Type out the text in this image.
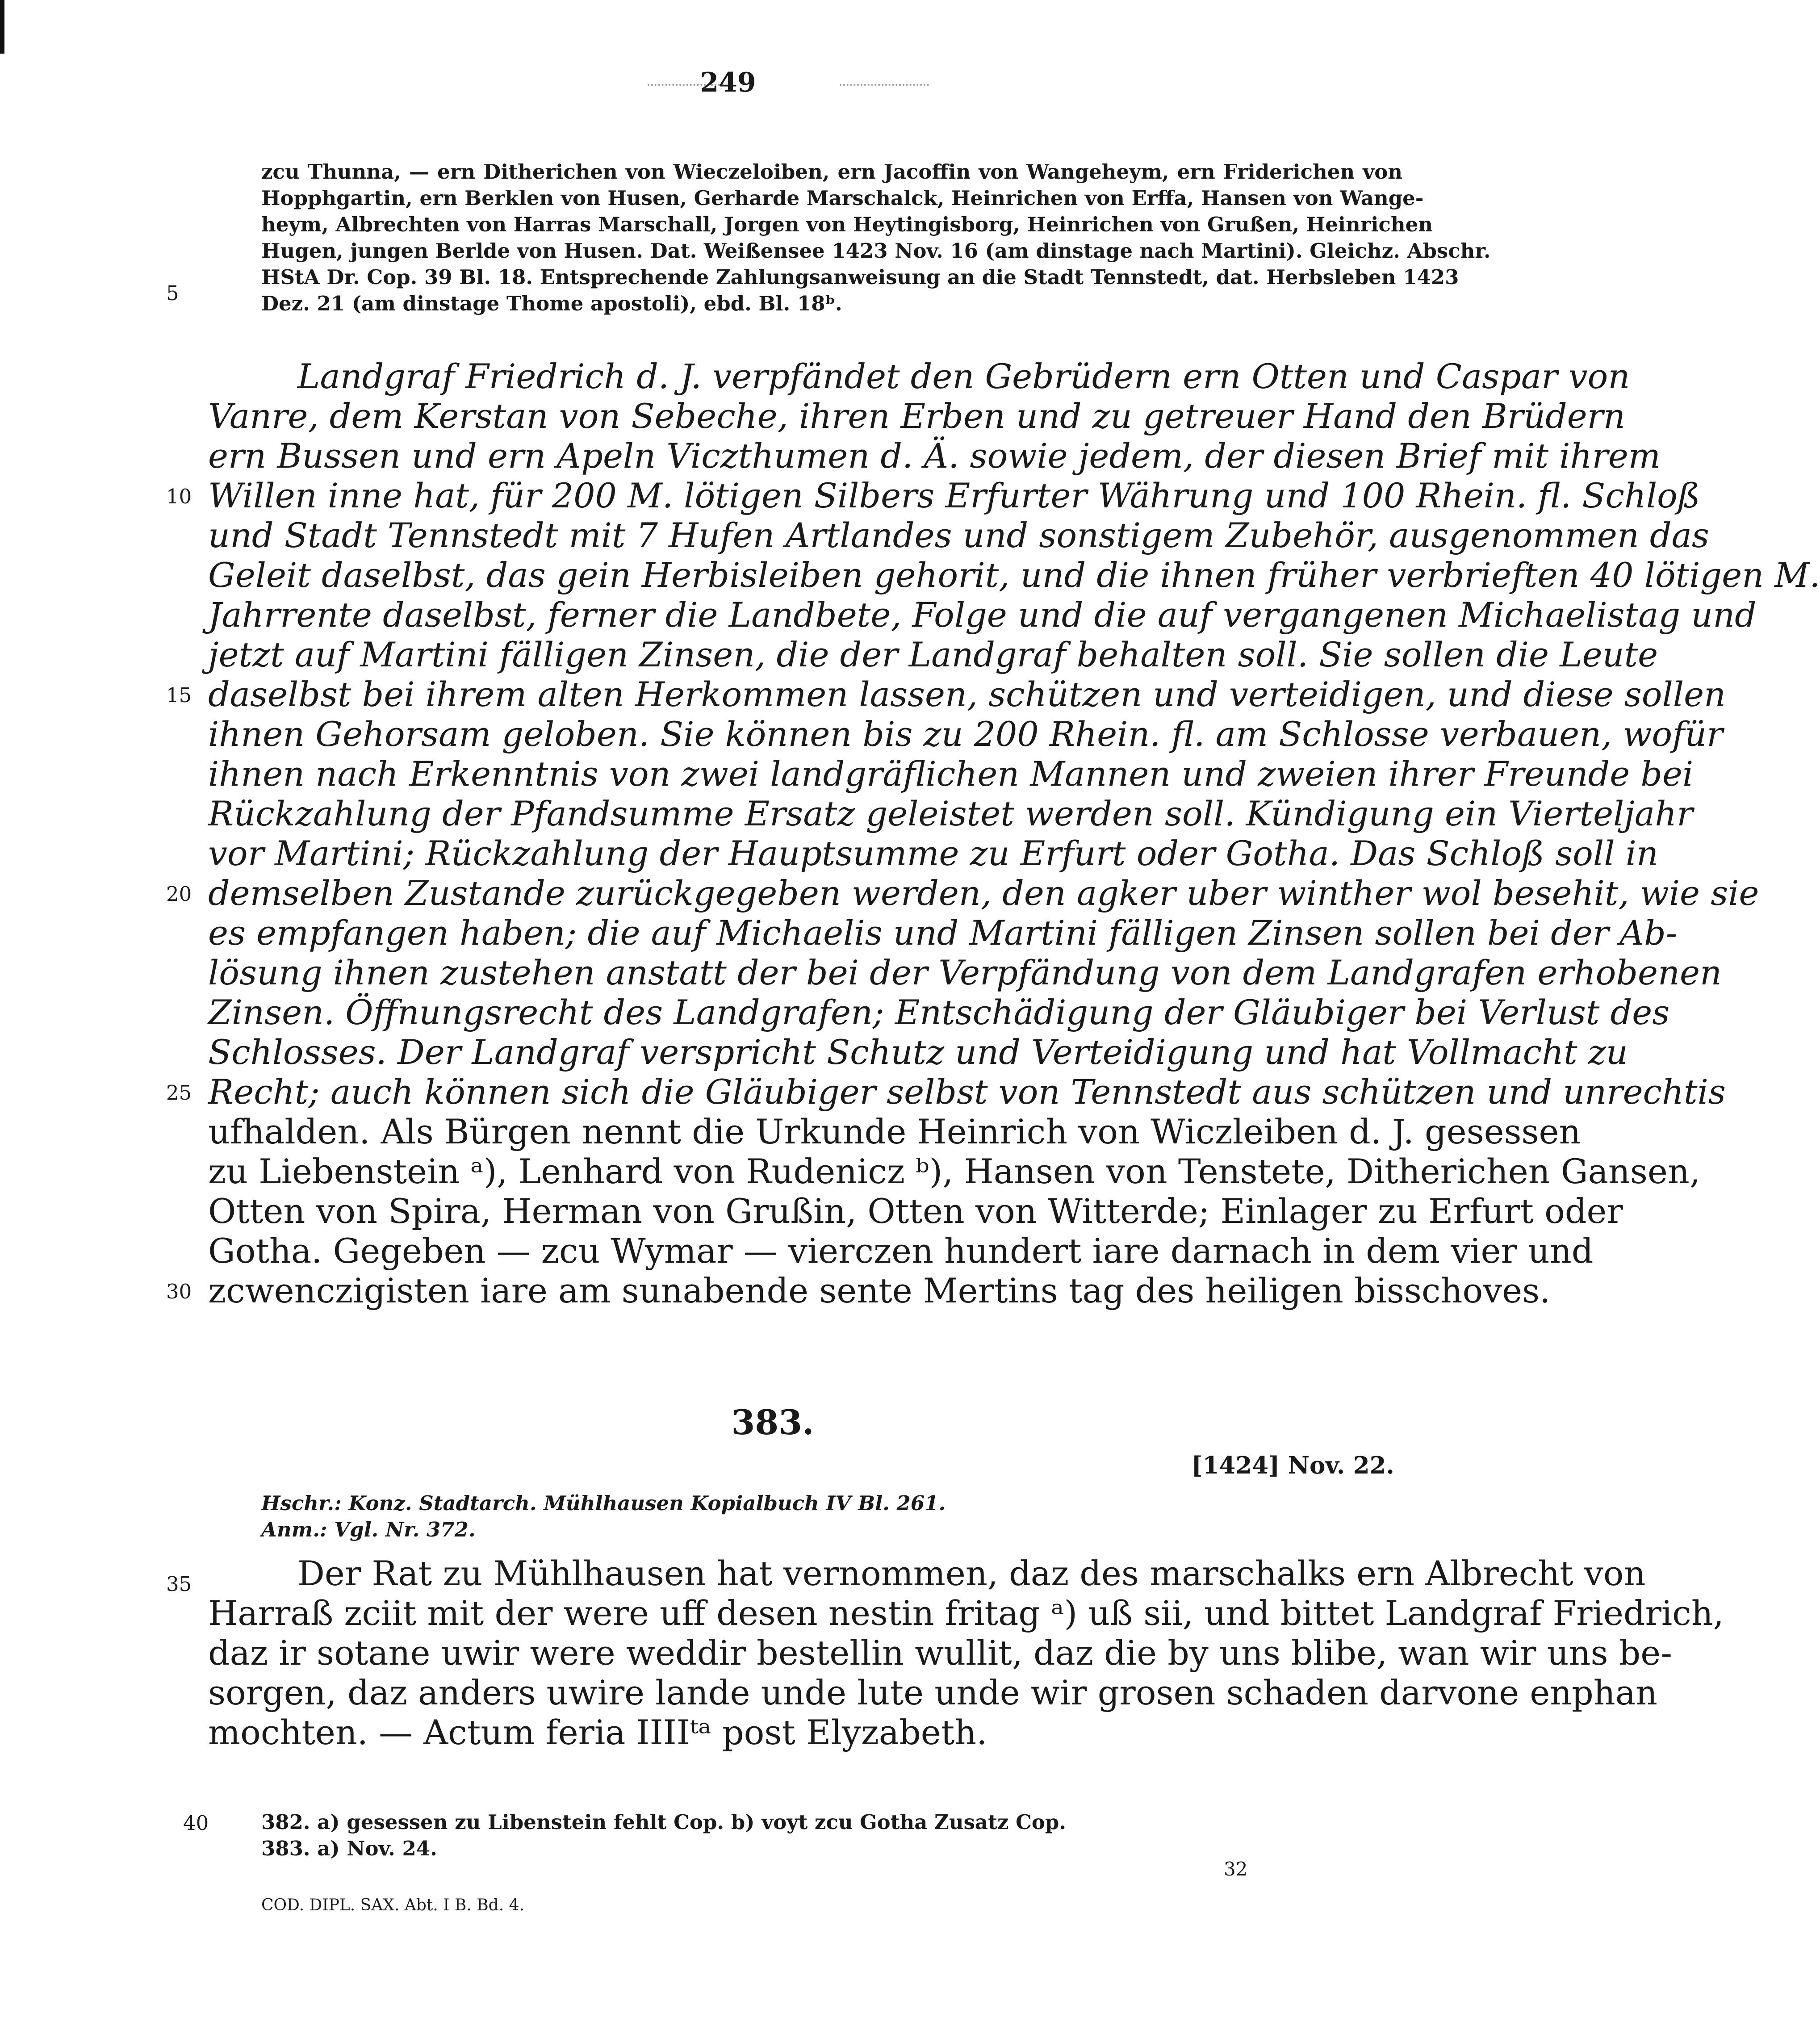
249
zcu Thunna, — ern Ditherichen von Wieczeloiben, ern Jacoffin von Wangeheym, ern Friderichen von
Hopphgartin, ern Berklen von Husen, Gerharde Marschalck, Heinrichen von Erffa, Hansen von Wange-
heym, Albrechten von Harras Marschall, Jorgen von Heytingisborg, Heinrichen von Grußen, Heinrichen
Hugen, jungen Berlde von Husen. Dat. Weißensee 1423 Nov. 16 (am dinstage nach Martini). Gleichz. Abschr.
HStA Dr. Cop. 39 Bl. 18. Entsprechende Zahlungsanweisung an die Stadt Tennstedt, dat. Herbsleben 1423
Dez. 21 (am dinstage Thome apostoli), ebd. Bl. 18ᵇ.
5
Landgraf Friedrich d. J. verpfändet den Gebrüdern ern Otten und Caspar von
Vanre, dem Kerstan von Sebeche, ihren Erben und zu getreuer Hand den Brüdern
ern Bussen und ern Apeln Viczthumen d. Ä. sowie jedem, der diesen Brief mit ihrem
Willen inne hat, für 200 M. lötigen Silbers Erfurter Währung und 100 Rhein. fl. Schloß
und Stadt Tennstedt mit 7 Hufen Artlandes und sonstigem Zubehör, ausgenommen das
Geleit daselbst, das gein Herbisleiben gehorit, und die ihnen früher verbrieften 40 lötigen M.
Jahrrente daselbst, ferner die Landbete, Folge und die auf vergangenen Michaelistag und
jetzt auf Martini fälligen Zinsen, die der Landgraf behalten soll. Sie sollen die Leute
daselbst bei ihrem alten Herkommen lassen, schützen und verteidigen, und diese sollen
ihnen Gehorsam geloben. Sie können bis zu 200 Rhein. fl. am Schlosse verbauen, wofür
ihnen nach Erkenntnis von zwei landgräflichen Mannen und zweien ihrer Freunde bei
Rückzahlung der Pfandsumme Ersatz geleistet werden soll. Kündigung ein Vierteljahr
vor Martini; Rückzahlung der Hauptsumme zu Erfurt oder Gotha. Das Schloß soll in
demselben Zustande zurückgegeben werden, den agker uber winther wol besehit, wie sie
es empfangen haben; die auf Michaelis und Martini fälligen Zinsen sollen bei der Ab-
lösung ihnen zustehen anstatt der bei der Verpfändung von dem Landgrafen erhobenen
Zinsen. Öffnungsrecht des Landgrafen; Entschädigung der Gläubiger bei Verlust des
Schlosses. Der Landgraf verspricht Schutz und Verteidigung und hat Vollmacht zu
Recht; auch können sich die Gläubiger selbst von Tennstedt aus schützen und unrechtis
ufhalden. Als Bürgen nennt die Urkunde Heinrich von Wiczleiben d. J. gesessen
zu Liebenstein ᵃ), Lenhard von Rudenicz ᵇ), Hansen von Tenstete, Ditherichen Gansen,
Otten von Spira, Herman von Grußin, Otten von Witterde; Einlager zu Erfurt oder
Gotha. Gegeben — zcu Wymar — vierczen hundert iare darnach in dem vier und
zcwenczigisten iare am sunabende sente Mertins tag des heiligen bisschoves.
10
15
20
25
30
383.
[1424] Nov. 22.
Hschr.: Konz. Stadtarch. Mühlhausen Kopialbuch IV Bl. 261.
Anm.: Vgl. Nr. 372.
Der Rat zu Mühlhausen hat vernommen, daz des marschalks ern Albrecht von
Harraß zciit mit der were uff desen nestin fritag ᵃ) uß sii, und bittet Landgraf Friedrich,
daz ir sotane uwir were weddir bestellin wullit, daz die by uns blibe, wan wir uns be-
sorgen, daz anders uwire lande unde lute unde wir grosen schaden darvone enphan
mochten. — Actum feria IIIIᵗᵃ post Elyzabeth.
35
40	382. a) gesessen zu Libenstein fehlt Cop. b) voyt zcu Gotha Zusatz Cop.
383. a) Nov. 24.
COD. DIPL. SAX. Abt. I B. Bd. 4.
32
